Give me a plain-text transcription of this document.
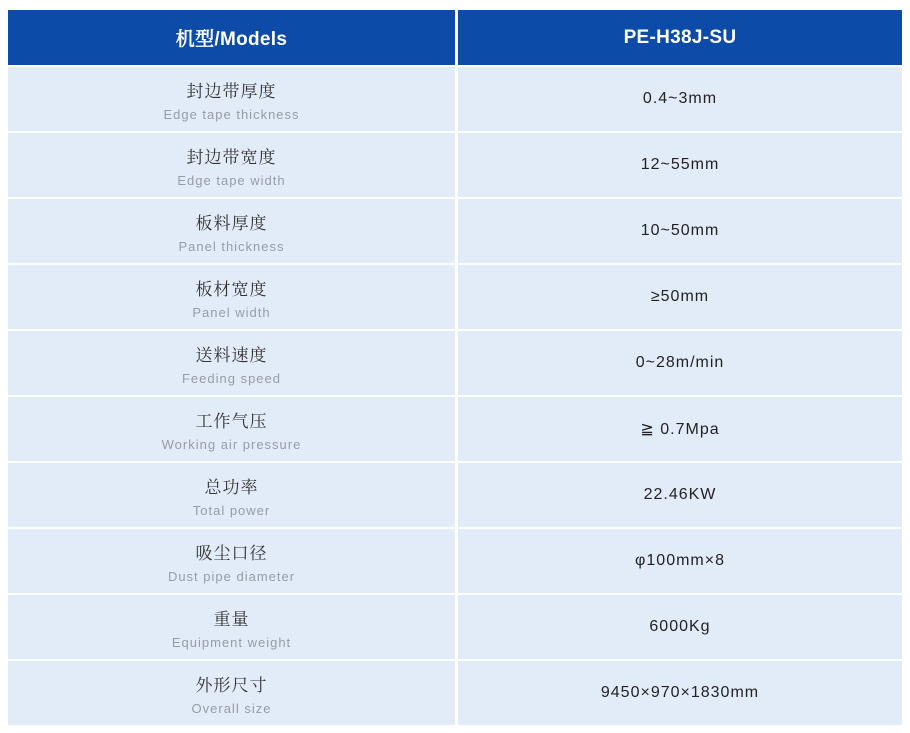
机型/Models	PE-H38J-SU
封边带厚度
Edge tape thickness
0.4~3mm
封边带宽度
Edge tape width
12~55mm
板料厚度
Panel thickness
10~50mm
板材宽度
Panel width
≥50mm
送料速度
Feeding speed
0~28m/min
工作气压
Working air pressure
≧ 0.7Mpa
总功率
Total power
22.46KW
吸尘口径
Dust pipe diameter
φ100mm×8
重量
Equipment weight
6000Kg
外形尺寸
Overall size
9450×970×1830mm
